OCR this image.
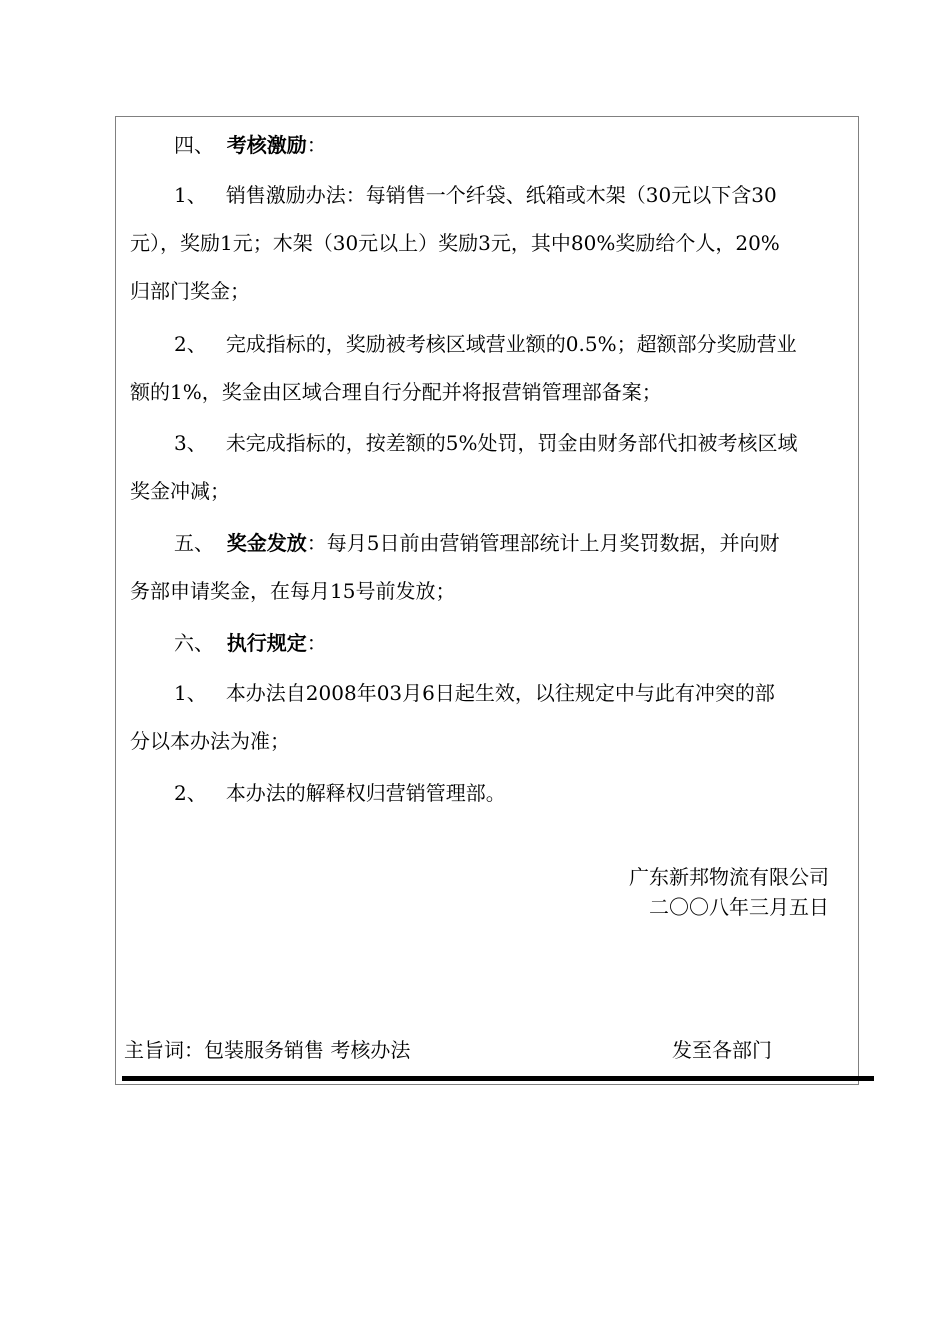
四、 考核激励：

1、 销售激励办法：每销售一个纤袋、纸箱或木架（30元以下含30
元），奖励1元；木架（30元以上）奖励3元，其中80%奖励给个人，20%
归部门奖金；
2、 完成指标的，奖励被考核区域营业额的0.5%；超额部分奖励营业
额的1%，奖金由区域合理自行分配并将报营销管理部备案；
3、 未完成指标的，按差额的5%处罚，罚金由财务部代扣被考核区域
奖金冲减；
五、 奖金发放：每月5日前由营销管理部统计上月奖罚数据，并向财
务部申请奖金，在每月15号前发放；

六、 执行规定：

1、 本办法自2008年03月6日起生效，以往规定中与此有冲突的部
分以本办法为准；
2、 本办法的解释权归营销管理部。
广东新邦物流有限公司
二〇〇八年三月五日
主旨词：包装服务销售 考核办法	发至各部门
